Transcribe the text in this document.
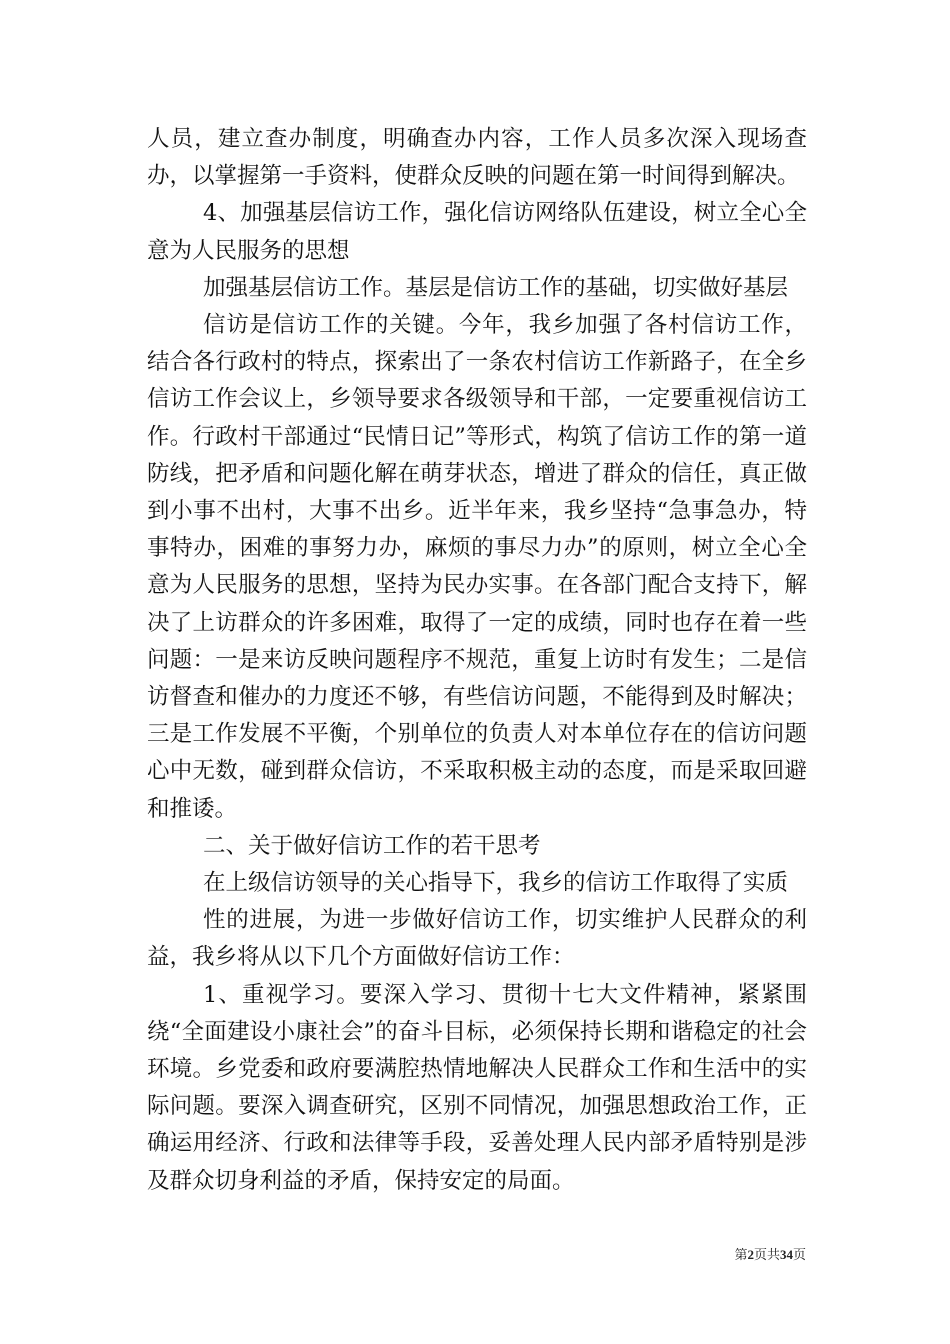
人员，建立查办制度，明确查办内容，工作人员多次深入现场查办，以掌握第一手资料，使群众反映的问题在第一时间得到解决。

4、加强基层信访工作，强化信访网络队伍建设，树立全心全意为人民服务的思想

加强基层信访工作。基层是信访工作的基础，切实做好基层

信访是信访工作的关键。今年，我乡加强了各村信访工作，结合各行政村的特点，探索出了一条农村信访工作新路子，在全乡信访工作会议上，乡领导要求各级领导和干部，一定要重视信访工作。行政村干部通过“民情日记”等形式，构筑了信访工作的第一道防线，把矛盾和问题化解在萌芽状态，增进了群众的信任，真正做到小事不出村，大事不出乡。近半年来，我乡坚持“急事急办，特事特办，困难的事努力办，麻烦的事尽力办”的原则，树立全心全意为人民服务的思想，坚持为民办实事。在各部门配合支持下，解决了上访群众的许多困难，取得了一定的成绩，同时也存在着一些问题：一是来访反映问题程序不规范，重复上访时有发生；二是信访督查和催办的力度还不够，有些信访问题，不能得到及时解决；三是工作发展不平衡，个别单位的负责人对本单位存在的信访问题心中无数，碰到群众信访，不采取积极主动的态度，而是采取回避和推诿。

二、关于做好信访工作的若干思考

在上级信访领导的关心指导下，我乡的信访工作取得了实质

性的进展，为进一步做好信访工作，切实维护人民群众的利益，我乡将从以下几个方面做好信访工作：

1、重视学习。要深入学习、贯彻十七大文件精神，紧紧围绕“全面建设小康社会”的奋斗目标，必须保持长期和谐稳定的社会环境。乡党委和政府要满腔热情地解决人民群众工作和生活中的实际问题。要深入调查研究，区别不同情况，加强思想政治工作，正确运用经济、行政和法律等手段，妥善处理人民内部矛盾特别是涉及群众切身利益的矛盾，保持安定的局面。

第2页共34页
